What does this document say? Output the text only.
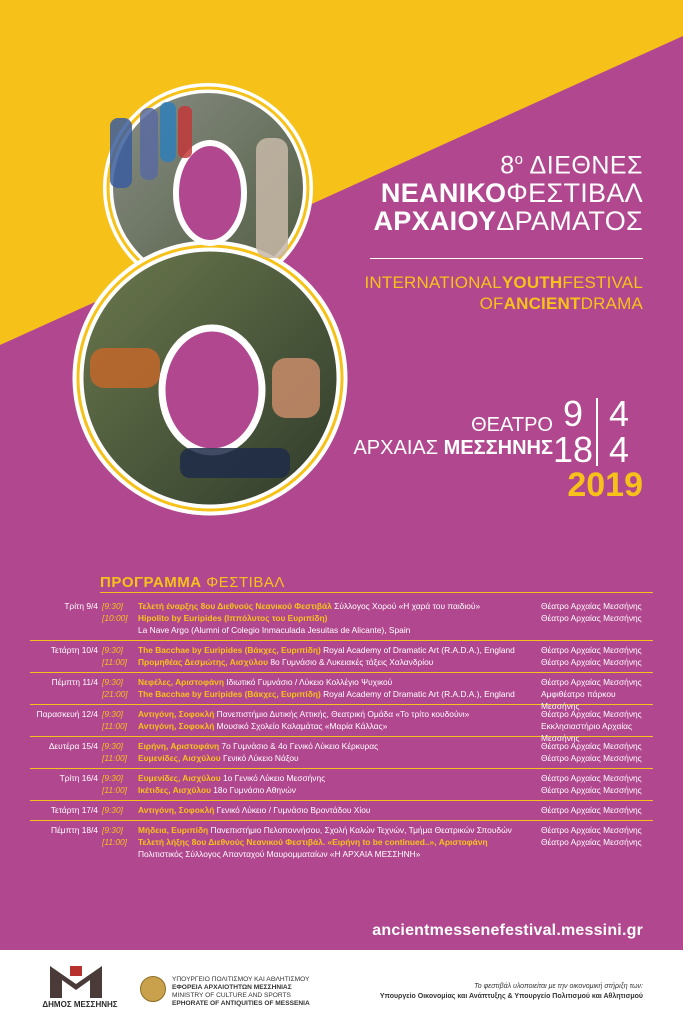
$8^o$ ΔΙΕΘΝΕΣ
ΝΕΑΝΙΚΟΦΕΣΤΙΒΑΛ
ΑΡΧΑΙΟΥΔΡΑΜΑΤΟΣ
INTERNATIONALYOUTHFESTIVAL
OFANCIENTDRAMA
ΘΕΑΤΡΟ
ΑΡΧΑΙΑΣ ΜΕΣΣΗΝΗΣ
9 4
18 4
2019
ΠΡΟΓΡΑΜΜΑ ΦΕΣΤΙΒΑΛ
Τρίτη 9/4 [9:30]	Τελετή έναρξης 8ου Διεθνούς Νεανικού Φεστιβάλ Σύλλογος Χορού «Η χαρά του παιδιού»	Θέατρο Αρχαίας Μεσσήνης
[10:00]	Hipolito by Euripides (Ιππόλυτος του Ευριπίδη)	Θέατρο Αρχαίας Μεσσήνης
La Nave Argo (Alumni of Colegio Inmaculada Jesuitas de Alicante), Spain
Τετάρτη 10/4 [9:30]	The Bacchae by Euripides (Βάκχες, Ευριπίδη) Royal Academy of Dramatic Art (R.A.D.A.), England	Θέατρο Αρχαίας Μεσσήνης
[11:00]	Προμηθέας Δεσμώτης, Αισχύλου 8ο Γυμνάσιο & Λυκειακές τάξεις Χαλανδρίου	Θέατρο Αρχαίας Μεσσήνης
Πέμπτη 11/4 [9:30]	Νεφέλες, Αριστοφάνη Ιδιωτικό Γυμνάσιο / Λύκειο Κολλέγιο Ψυχικού	Θέατρο Αρχαίας Μεσσήνης
[21:00]	The Bacchae by Euripides (Βάκχες, Ευριπίδη) Royal Academy of Dramatic Art (R.A.D.A.), England	Αμφιθέατρο πάρκου Μεσσήνης
Παρασκευή 12/4 [9:30]	Αντιγόνη, Σοφοκλή Πανεπιστήμιο Δυτικής Αττικής, Θεατρική Ομάδα «Το τρίτο κουδούνι»	Θέατρο Αρχαίας Μεσσήνης
[11:00]	Αντιγόνη, Σοφοκλή Μουσικό Σχολείο Καλαμάτας «Μαρία Κάλλας»	Εκκλησιαστήριο Αρχαίας Μεσσήνης
Δευτέρα 15/4 [9:30]	Ειρήνη, Αριστοφάνη 7ο Γυμνάσιο & 4ο Γενικό Λύκειο Κέρκυρας	Θέατρο Αρχαίας Μεσσήνης
[11:00]	Ευμενίδες, Αισχύλου Γενικό Λύκειο Νάξου	Θέατρο Αρχαίας Μεσσήνης
Τρίτη 16/4 [9:30]	Ευμενίδες, Αισχύλου 1ο Γενικό Λύκειο Μεσσήνης	Θέατρο Αρχαίας Μεσσήνης
[11:00]	Ικέτιδες, Αισχύλου 18ο Γυμνάσιο Αθηνών	Θέατρο Αρχαίας Μεσσήνης
Τετάρτη 17/4 [9:30]	Αντιγόνη, Σοφοκλή Γενικό Λύκειο / Γυμνάσιο Βροντάδου Χίου	Θέατρο Αρχαίας Μεσσήνης
Πέμπτη 18/4 [9:30]	Μήδεια, Ευριπίδη Πανεπιστήμιο Πελοποννήσου, Σχολή Καλών Τεχνών, Τμήμα Θεατρικών Σπουδών	Θέατρο Αρχαίας Μεσσήνης
[11:00]	Τελετή λήξης 8ου Διεθνούς Νεανικού Φεστιβάλ. «Ειρήνη to be continued..», Αριστοφάνη	Θέατρο Αρχαίας Μεσσήνης
Πολιτιστικός Σύλλογος Απανταχού Μαυρομματαίων «Η ΑΡΧΑΙΑ ΜΕΣΣΗΝΗ»
ancientmessenefestival.messini.gr
ΔΗΜΟΣ ΜΕΣΣΗΝΗΣ
ΥΠΟΥΡΓΕΙΟ ΠΟΛΙΤΙΣΜΟΥ ΚΑΙ ΑΘΛΗΤΙΣΜΟΥ
ΕΦΟΡΕΙΑ ΑΡΧΑΙΟΤΗΤΩΝ ΜΕΣΣΗΝΙΑΣ
MINISTRY OF CULTURE AND SPORTS
EPHORATE OF ANTIQUITIES OF MESSENIA
Το φεστιβάλ υλοποιείται με την οικονομική στήριξη των:
Υπουργείο Οικονομίας και Ανάπτυξης & Υπουργείο Πολιτισμού και Αθλητισμού
